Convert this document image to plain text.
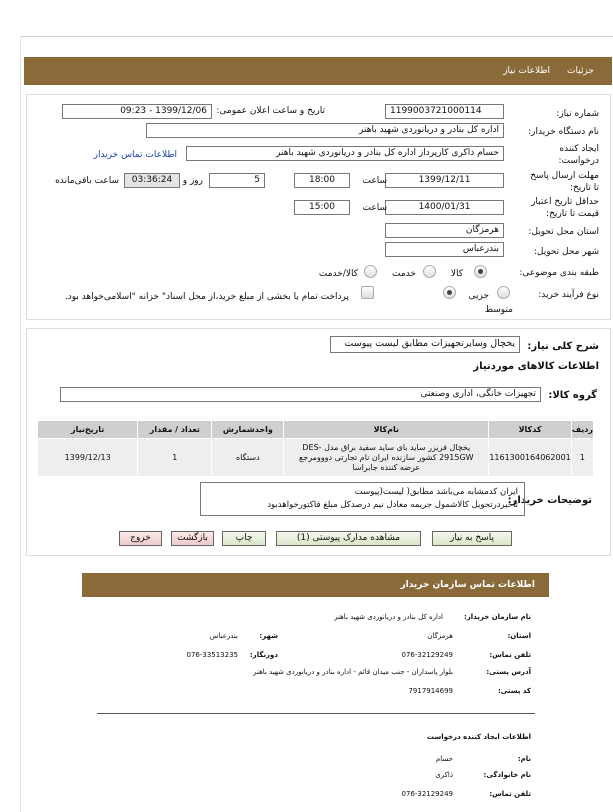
جزئیات
اطلاعات نیاز
شماره نیاز:
1199003721000114
تاریخ و ساعت اعلان عمومی:
1399/12/06 - 09:23
نام دستگاه خریدار:
اداره کل بنادر و دریانوردی شهید باهنر
ایجاد کننده درخواست:
حسام ذاکری کارپرداز اداره کل بنادر و دریانوردی شهید باهنر
اطلاعات تماس خریدار
مهلت ارسال پاسخ تا تاریخ:
1399/12/11
ساعت
18:00
5
روز و
03:36:24
ساعت باقی‌مانده
حداقل تاریخ اعتبار قیمت تا تاریخ:
1400/01/31
ساعت
15:00
استان محل تحویل:
هرمزگان
شهر محل تحویل:
بندرعباس
طبقه بندی موضوعی:
کالا
خدمت
کالا/خدمت
نوع فرآیند خرید:
جزیی
متوسط
پرداخت تمام یا بخشی از مبلغ خرید،از محل اسناد" خزانه "اسلامی‌خواهد بود.
شرح کلی نیاز:
یخچال وسایرتجهیزات مطابق لیست پیوست
اطلاعات کالاهای موردنیاز
گروه کالا:
تجهیزات خانگی، اداری وصنعتی
ردیف	کدکالا	نام‌کالا	واحدشمارش	تعداد / مقدار	تاریخ‌نیاز
1	1161300164062001	یخچال فریزر ساید بای ساید سفید براق مدل DES-2915GW کشور سازنده ایران نام تجارتی دووومرجع عرضه کننده جابراسا	دستگاه	1	1399/12/13
توضیحات خریدار:
ایران کدمشابه می‌باشد مطابق( لیست(پیوست
تاخیردرتحویل کالاشمول جریمه معادل نیم درصدکل مبلغ فاکتورخواهدبود
پاسخ به نیاز
مشاهده مدارک پیوستی (1)
چاپ
بازگشت
خروج
اطلاعات تماس سازمان خریدار
نام سازمان خریدار:
اداره کل بنادر و دریانوردی شهید باهنر
استان:
هرمزگان
شهر:
بندرعباس
تلفن تماس:
076-32129249
دورنگار:
076-33513235
آدرس پستی:
بلوار پاسداران - جنب میدان قائم - اداره بنادر و دریانوردی شهید باهنر
کد پستی:
7917914699
اطلاعات ایجاد کننده درخواست
نام:
حسام
نام خانوادگی:
ذاکری
تلفن تماس:
076-32129249
